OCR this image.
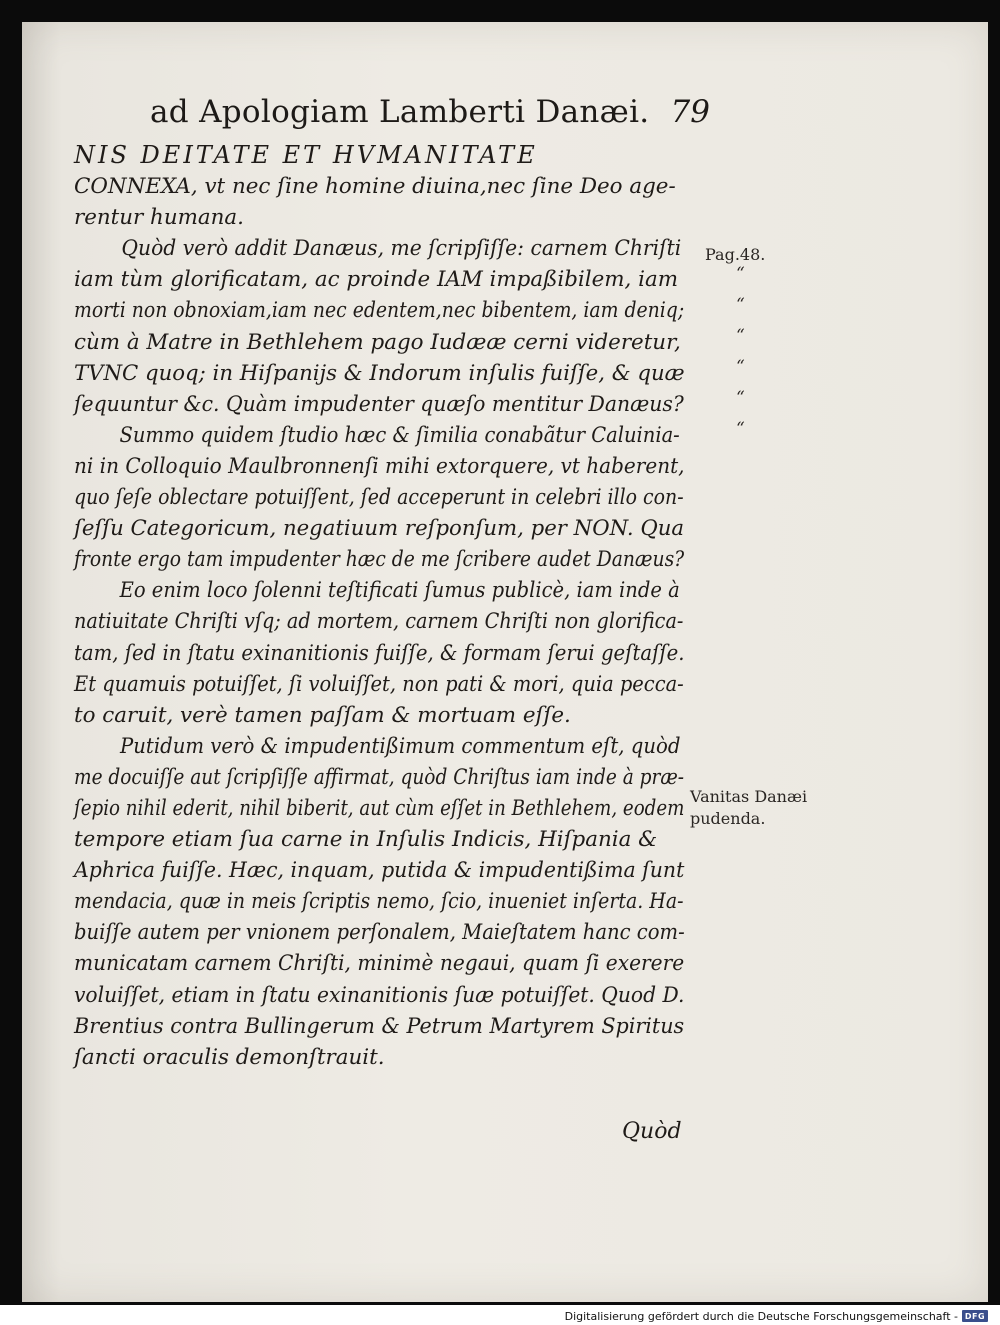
ad Apologiam Lamberti Danæi. 79
NIS DEITATE ET HVMANITATE
CONNEXA, vt nec ſine homine diuina,nec ſine Deo age-
rentur humana.
Quòd verò addit Danæus, me ſcripſiſſe: carnem Chriſti
iam tùm glorificatam, ac proinde IAM impaßibilem, iam
morti non obnoxiam,iam nec edentem,nec bibentem, iam deniq;
cùm à Matre in Bethlehem pago Iudææ cerni videretur,
TVNC quoq; in Hiſpanijs & Indorum inſulis fuiſſe, & quæ
ſequuntur &c. Quàm impudenter quæſo mentitur Danæus?
Summo quidem ſtudio hæc & ſimilia conabãtur Caluinia-
ni in Colloquio Maulbronnenſi mihi extorquere, vt haberent,
quo ſeſe oblectare potuiſſent, ſed acceperunt in celebri illo con-
ſeſſu Categoricum, negatiuum reſponſum, per NON. Qua
fronte ergo tam impudenter hæc de me ſcribere audet Danæus?
Eo enim loco ſolenni teſtificati ſumus publicè, iam inde à
natiuitate Chriſti vſq; ad mortem, carnem Chriſti non glorifica-
tam, ſed in ſtatu exinanitionis fuiſſe, & formam ſerui geſtaſſe.
Et quamuis potuiſſet, ſi voluiſſet, non pati & mori, quia pecca-
to caruit, verè tamen paſſam & mortuam eſſe.
Putidum verò & impudentißimum commentum eſt, quòd
me docuiſſe aut ſcripſiſſe affirmat, quòd Chriſtus iam inde à præ-
ſepio nihil ederit, nihil biberit, aut cùm eſſet in Bethlehem, eodem
tempore etiam ſua carne in Inſulis Indicis, Hiſpania &
Aphrica fuiſſe. Hæc, inquam, putida & impudentißima ſunt
mendacia, quæ in meis ſcriptis nemo, ſcio, inueniet inſerta. Ha-
buiſſe autem per vnionem perſonalem, Maieſtatem hanc com-
municatam carnem Chriſti, minimè negaui, quam ſi exerere
voluiſſet, etiam in ſtatu exinanitionis ſuæ potuiſſet. Quod D.
Brentius contra Bullingerum & Petrum Martyrem Spiritus
ſancti oraculis demonſtrauit.
“
“
“
“
“
“
Pag.48.
Vanitas Danæi
pudenda.
Quòd
Digitalisierung gefördert durch die Deutsche Forschungsgemeinschaft - DFG
